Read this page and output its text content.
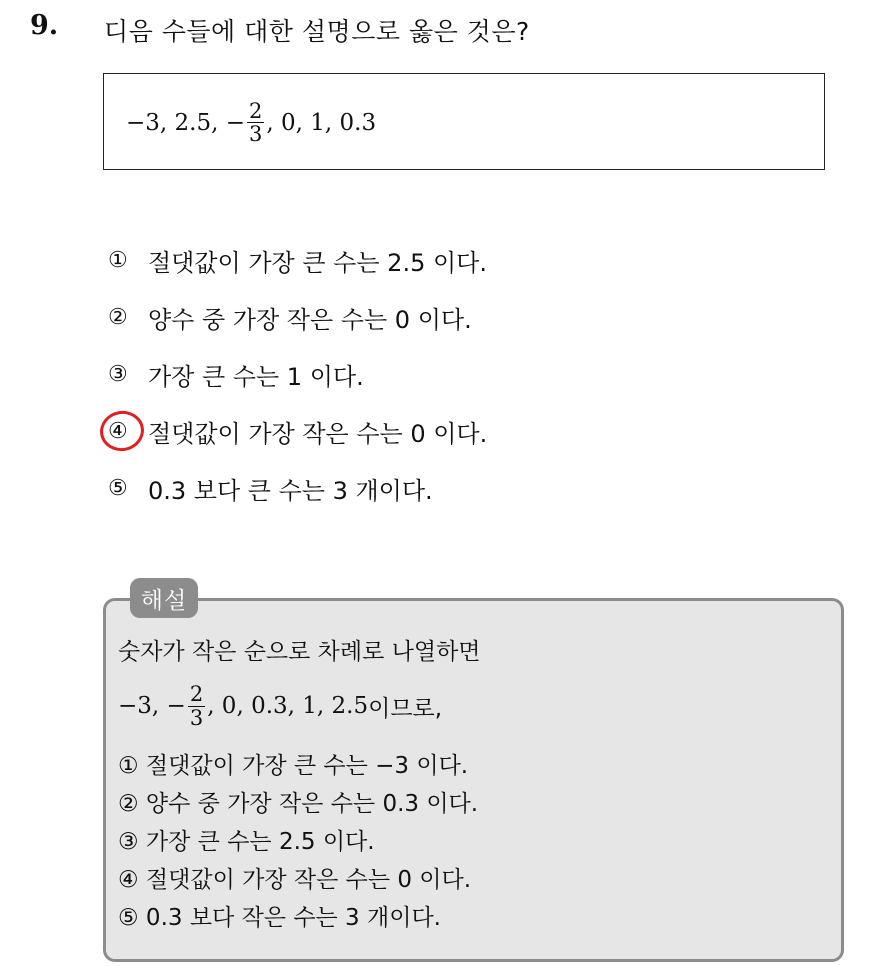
9. 디음 수들에 대한 설명으로 옳은 것은?
−3, 2.5, − $\frac{2}{3}$ , 0, 1, 0.3
① 절댓값이 가장 큰 수는 2.5 이다.
② 양수 중 가장 작은 수는 0 이다.
③ 가장 큰 수는 1 이다.
④ 절댓값이 가장 작은 수는 0 이다.
⑤ 0.3 보다 큰 수는 3 개이다.
해설
숫자가 작은 순으로 차례로 나열하면
−3, − $\frac{2}{3}$ , 0, 0.3, 1, 2.5 이므로,
① 절댓값이 가장 큰 수는 −3 이다.
② 양수 중 가장 작은 수는 0.3 이다.
③ 가장 큰 수는 2.5 이다.
④ 절댓값이 가장 작은 수는 0 이다.
⑤ 0.3 보다 작은 수는 3 개이다.
